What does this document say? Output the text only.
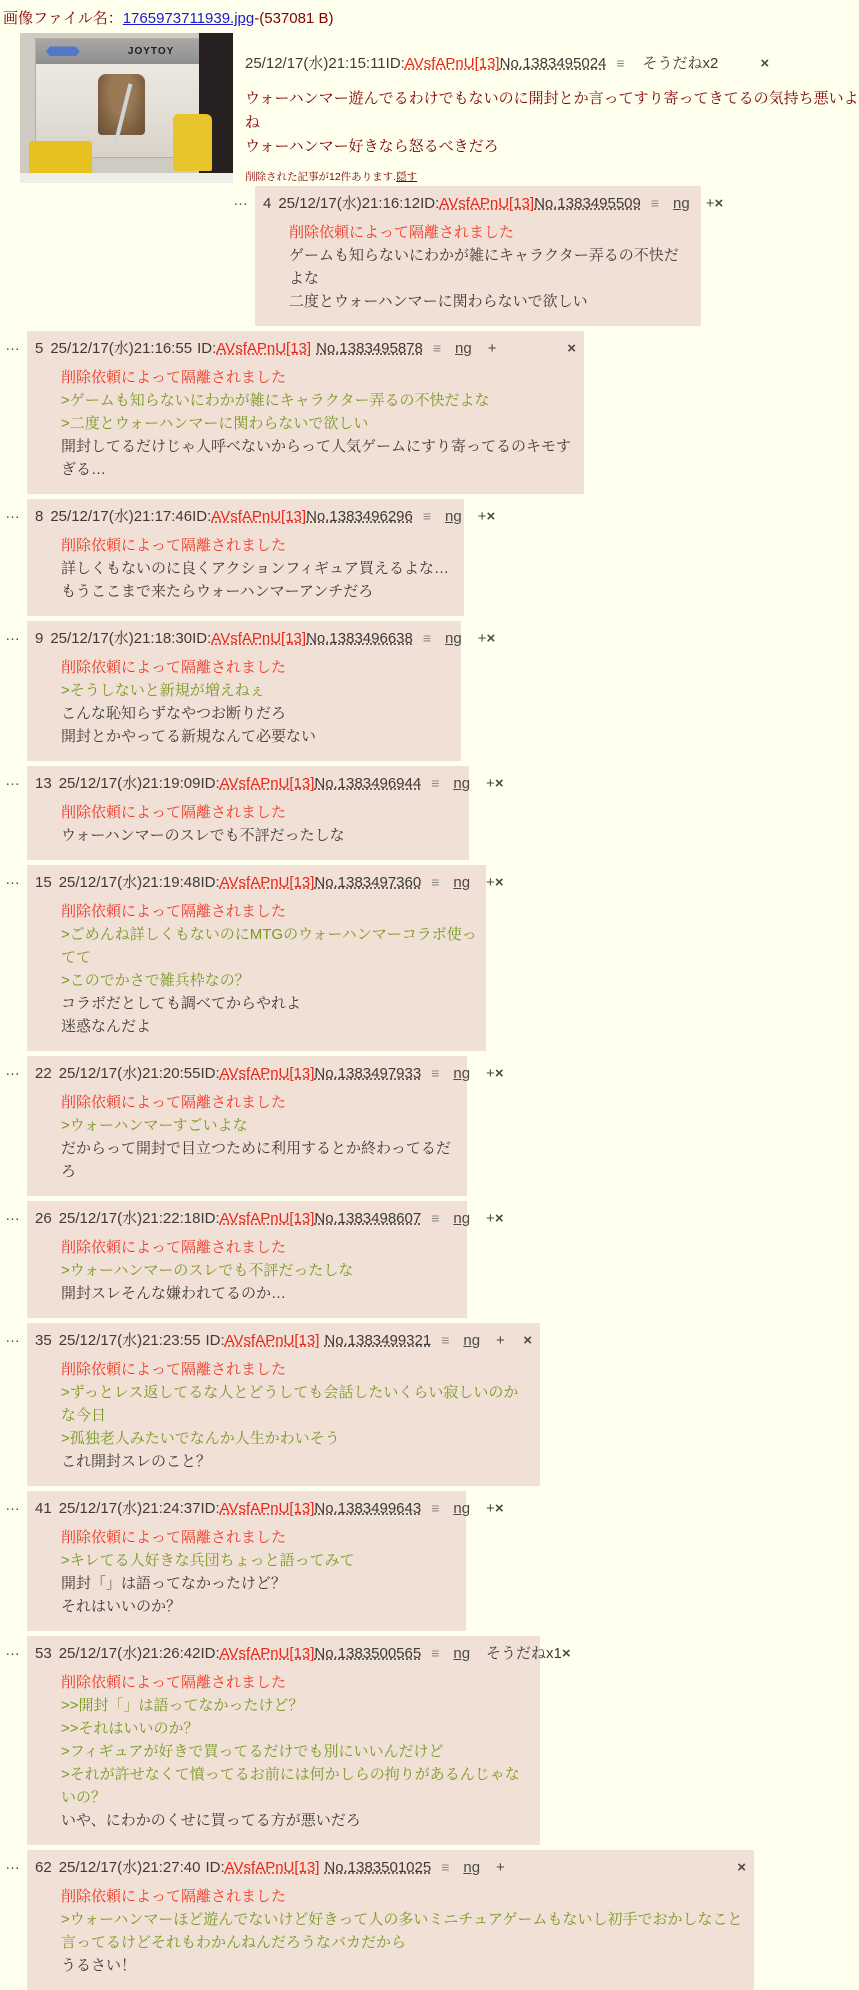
画像ファイル名：1765973711939.jpg-(537081 B)
JOYTOY
25/12/17(水)21:15:11 ID: AVsfAPnU[13] No.1383495024 ≡ そうだねx2	×
ウォーハンマー遊んでるわけでもないのに開封とか言ってすり寄ってきてるの気持ち悪いよね
ウォーハンマー好きなら怒るべきだろ
削除された記事が12件あります.隠す
… 4 25/12/17(水)21:16:12 ID: AVsfAPnU[13] No.1383495509 ≡ ng + ×
削除依頼によって隔離されました
ゲームも知らないにわかが雑にキャラクター弄るの不快だよな
二度とウォーハンマーに関わらないで欲しい
… 5 25/12/17(水)21:16:55 ID: AVsfAPnU[13] No.1383495878 ≡ ng +	×
削除依頼によって隔離されました
>ゲームも知らないにわかが雑にキャラクター弄るの不快だよな
>二度とウォーハンマーに関わらないで欲しい
開封してるだけじゃ人呼べないからって人気ゲームにすり寄ってるのキモすぎる…
… 8 25/12/17(水)21:17:46 ID: AVsfAPnU[13] No.1383496296 ≡ ng + ×
削除依頼によって隔離されました
詳しくもないのに良くアクションフィギュア買えるよな…
もうここまで来たらウォーハンマーアンチだろ
… 9 25/12/17(水)21:18:30 ID: AVsfAPnU[13] No.1383496638 ≡ ng + ×
削除依頼によって隔離されました
>そうしないと新規が増えねぇ
こんな恥知らずなやつお断りだろ
開封とかやってる新規なんて必要ない
… 13 25/12/17(水)21:19:09 ID: AVsfAPnU[13] No.1383496944 ≡ ng + ×
削除依頼によって隔離されました
ウォーハンマーのスレでも不評だったしな
… 15 25/12/17(水)21:19:48 ID: AVsfAPnU[13] No.1383497360 ≡ ng + ×
削除依頼によって隔離されました
>ごめんね詳しくもないのにMTGのウォーハンマーコラボ使ってて
>このでかさで雑兵枠なの？
コラボだとしても調べてからやれよ
迷惑なんだよ
… 22 25/12/17(水)21:20:55 ID: AVsfAPnU[13] No.1383497933 ≡ ng + ×
削除依頼によって隔離されました
>ウォーハンマーすごいよな
だからって開封で目立つために利用するとか終わってるだろ
… 26 25/12/17(水)21:22:18 ID: AVsfAPnU[13] No.1383498607 ≡ ng + ×
削除依頼によって隔離されました
>ウォーハンマーのスレでも不評だったしな
開封スレそんな嫌われてるのか…
… 35 25/12/17(水)21:23:55 ID: AVsfAPnU[13] No.1383499321 ≡ ng + ×
削除依頼によって隔離されました
>ずっとレス返してるな人とどうしても会話したいくらい寂しいのかな今日
>孤独老人みたいでなんか人生かわいそう
これ開封スレのこと？
… 41 25/12/17(水)21:24:37 ID: AVsfAPnU[13] No.1383499643 ≡ ng + ×
削除依頼によって隔離されました
>キレてる人好きな兵団ちょっと語ってみて
開封「」は語ってなかったけど？
それはいいのか？
… 53 25/12/17(水)21:26:42 ID: AVsfAPnU[13] No.1383500565 ≡ ng そうだねx1 ×
削除依頼によって隔離されました
>>開封「」は語ってなかったけど？
>>それはいいのか？
>フィギュアが好きで買ってるだけでも別にいいんだけど
>それが許せなくて憤ってるお前には何かしらの拘りがあるんじゃないの？
いや、にわかのくせに買ってる方が悪いだろ
… 62 25/12/17(水)21:27:40 ID: AVsfAPnU[13] No.1383501025 ≡ ng +	×
削除依頼によって隔離されました
>ウォーハンマーほど遊んでないけど好きって人の多いミニチュアゲームもないし初手でおかしなこと言ってるけどそれもわかんねんだろうなバカだから
うるさい！
